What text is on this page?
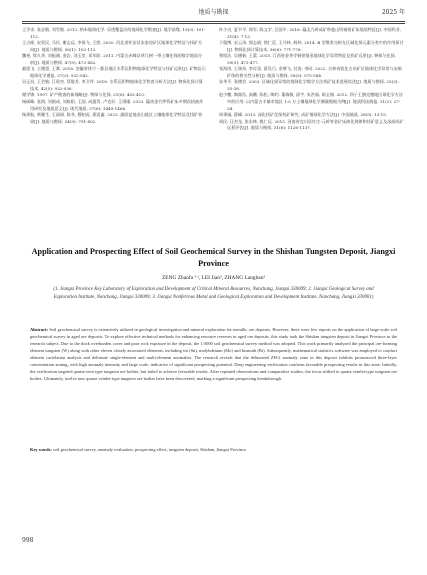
地质与勘探	2025 年

王学求, 张必敏, 刘雪敏. 2012. 纳米地球化学: 穿透覆盖层的地球化学勘查[J]. 地学前缘, 19(3): 101-112.

王占彬, 宋贺民, 马民, 谢志远, 李保飞, 王凯. 2020. 河北省怀安县朱家房矿区地球化学特征与找矿方向[J]. 地质与勘探, 56(1): 102-112.

魏尧, 徐九华, 刘振刚, 金岩, 刘玉堂, 邓军阳. 2011. 内蒙古赤峰县草几树一带土壤化探的数学地质分析[J]. 地质与勘探, 47(5): 472-482.

翁望飞, 王德恩, 王赛. 2018. 安徽省休宁一都县地区水系沉积物地球化学特征与找矿远景[J]. 矿物岩石地球化学通报, 37(3): 932-942.

吴正昌, 王会敏, 江琼杰, 蔡俊芳, 李卫坪. 2018. 水系沉积物地球化学普查分析方法[J]. 物探化探计算技术, 42(5): 932-936.

谢学锦. 1997. 矿产勘查的新战略[J]. 物探与化探, 21(6): 402-410.

杨硕峰, 张润, 刘刚成, 刘陈阳, 王国, 成露青, 卢克好, 王琪瑾. 2023. 赣南金竹坪钨矿床多期次热液作用研究及地质意义[J]. 现代地质, 37(6): 1449-1466.

杨邦航, 黄顺生, 王丽娟, 陈冬, 穆柏虎, 燕雷鑫. 2023. 浦阳盆地金山地区土壤地球化学特征及找矿效果[J]. 地质与勘探, 54(9): 791-802.

叶少贞, 夏节平, 徐军, 陈文学, 汪国平. 2016. 赣北九岭成矿带鹿山钨铜钼矿床地质特征[J]. 中国钨业, 31(4): 7-13.

于俊博, 宋云涛, 郭志娟, 徐仁廷, 王开林, 鲜伟. 2014. B 型聚类分析在区域化探元素分类中的作用探讨[J]. 物探化探计算技术, 36(6): 771-776.

曾昭法, 吴德新, 王蕾. 2015. 江西省金华寺铜钼银金地球化学异常特征及找矿远景[J]. 物探与化探, 39(3): 473-477.

张海涛, 王瑞奇, 李存喜, 薛昊吕, 金增飞, 付涛, 李同. 2022. 吉林省敦化古站矿区地球化学异常与冶铜矿体的相关性分析[J]. 地质与勘探, 58(5): 575-584.

朱华平, 张德会. 2003. 区域化探异常的地球化学数学方法找矿技术进展综述[J]. 地质与勘探, 25(3): 35-38.

赵少鹏, 陶源浩, 高鹏, 陈松, 陶约, 董瑞敏, 邱宇, 朱洪福, 陈宝刚. 2012. 四子王旗克德地区球化学方法中的应用: 以内蒙古丰镇市地区 1:5 万土壤地球化学测量数据为例[J]. 地质科技情报, 31(2): 27-34.

周秉诚, 薛峰. 2013. 深化找矿化探找矿研究, 成矿地球化学方法[J]. 中国地质, 28(5): 13-15.

周民, 汪杰龙, 张东林, 姚仁远. 2015. 河南省宜川县红庄-元岭等金矿床演化规律和找矿意义及深部成矿远景评估[J]. 地质与勘探, 51(6): 1126-1137.

Application and Prospecting Effect of Soil Geochemical Survey in the Shishan Tungsten Deposit, Jiangxi Province
ZENG Zhaofa ¹ ², LEI Jian³, ZHANG Langhan³
(1. Jiangxi Province Key Laboratory of Exploration and Development of Critical Mineral Resources, Nanchang, Jiangxi 330009; 2. Jiangxi Geological Survey and Exploration Institute, Nanchang, Jiangxi 330009; 3. Jiangxi Nonferrous Metal and Geological Exploration and Development Institute, Nanchang, Jiangxi 330001)
Abstract: Soil geochemical survey is extensively utilized in geological investigation and mineral exploration for metallic ore deposits. However, there were few reports on the application of large-scale soil geochemical survey in aged ore deposits. To explore effective technical methods for enhancing resource reserves in aged ore deposits, this study took the Shishan tungsten deposit in Jiangxi Province as the research subject. Due to the thick overburden cover and poor rock exposure in the deposit, the 1:5000 soil geochemical survey method was adopted. This work primarily analyzed the principal ore-forming element tungsten (W) along with other eleven closely associated elements, including tin (Sn), molybdenum (Mo) and bismuth (Bi). Subsequently, mathematical statistics software was employed to conduct element correlation analysis and delineate single-element and multi-element anomalies. The research reveals that the delineated ZH-2 anomaly zone in this deposit exhibits pronounced three-layer concentration zoning, with high anomaly intensity and large scale, indicative of significant prospecting potential. Deep engineering verification confirms favorable prospecting results in this zone. Initially, the verification targeted quartz-vein type tungsten ore bodies, but failed to achieve favorable results. After repeated observations and comparative studies, the focus shifted to quartz veinlet-type tungsten ore bodies. Ultimately, twelve new quartz veinlet-type tungsten ore bodies have been discovered, marking a significant prospecting breakthrough.
Key words: soil geochemical survey, anomaly evaluation, prospecting effect, tungsten deposit, Shishan, Jiangxi Province
998
